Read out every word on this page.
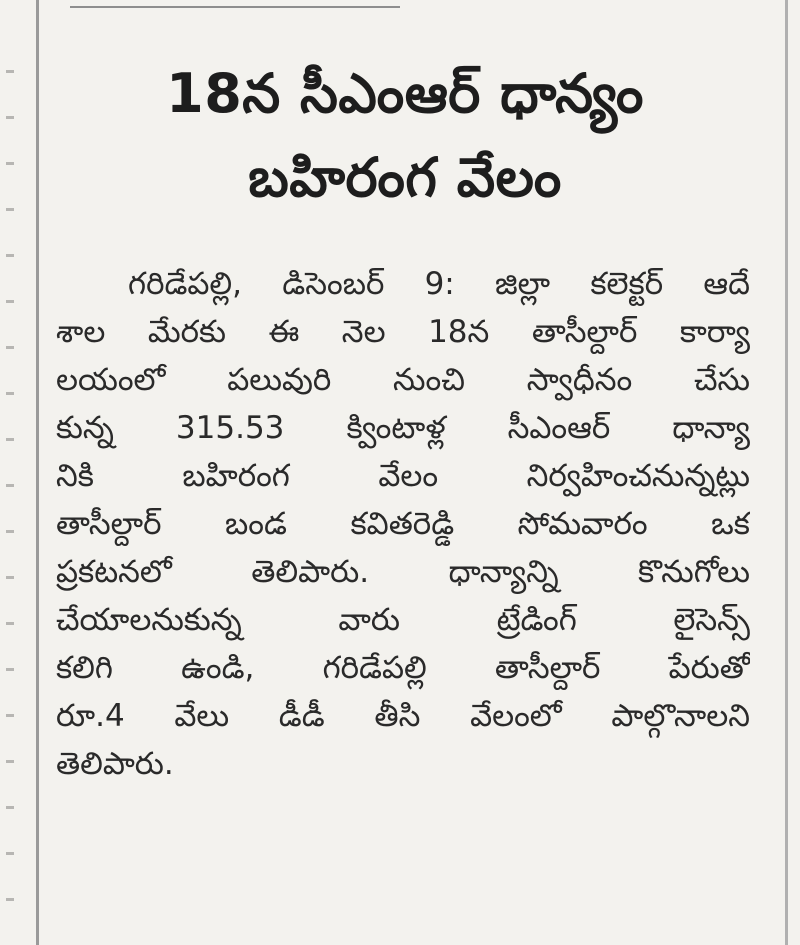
18న సీఎంఆర్ ధాన్యం
బహిరంగ వేలం
గరిడేపల్లి, డిసెంబర్ 9: జిల్లా కలెక్టర్ ఆదే
శాల మేరకు ఈ నెల 18న తాసీల్దార్ కార్యా
లయంలో పలువురి నుంచి స్వాధీనం చేసు
కున్న 315.53 క్వింటాళ్ల సీఎంఆర్ ధాన్యా
నికి బహిరంగ వేలం నిర్వహించనున్నట్లు
తాసీల్దార్ బండ కవితరెడ్డి సోమవారం ఒక
ప్రకటనలో తెలిపారు. ధాన్యాన్ని కొనుగోలు
చేయాలనుకున్న వారు ట్రేడింగ్ లైసెన్స్
కలిగి ఉండి, గరిడేపల్లి తాసీల్దార్ పేరుతో
రూ.4 వేలు డీడీ తీసి వేలంలో పాల్గొనాలని
తెలిపారు.
